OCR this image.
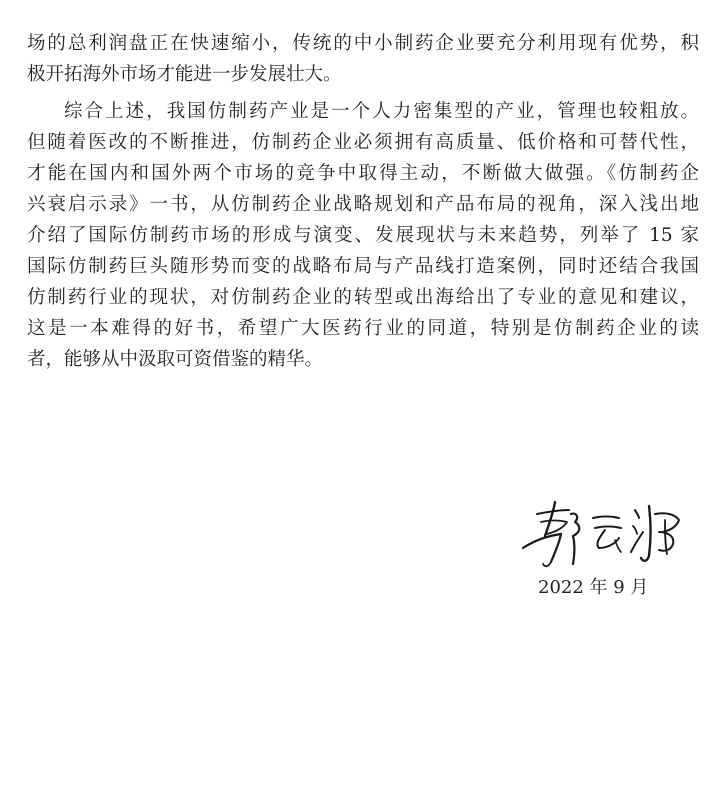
场的总利润盘正在快速缩小，传统的中小制药企业要充分利用现有优势，积
极开拓海外市场才能进一步发展壮大。
综合上述，我国仿制药产业是一个人力密集型的产业，管理也较粗放。
但随着医改的不断推进，仿制药企业必须拥有高质量、低价格和可替代性，
才能在国内和国外两个市场的竞争中取得主动，不断做大做强。《仿制药企
兴衰启示录》一书，从仿制药企业战略规划和产品布局的视角，深入浅出地
介绍了国际仿制药市场的形成与演变、发展现状与未来趋势，列举了 15 家
国际仿制药巨头随形势而变的战略布局与产品线打造案例，同时还结合我国
仿制药行业的现状，对仿制药企业的转型或出海给出了专业的意见和建议，
这是一本难得的好书，希望广大医药行业的同道，特别是仿制药企业的读
者，能够从中汲取可资借鉴的精华。
2022 年 9 月
